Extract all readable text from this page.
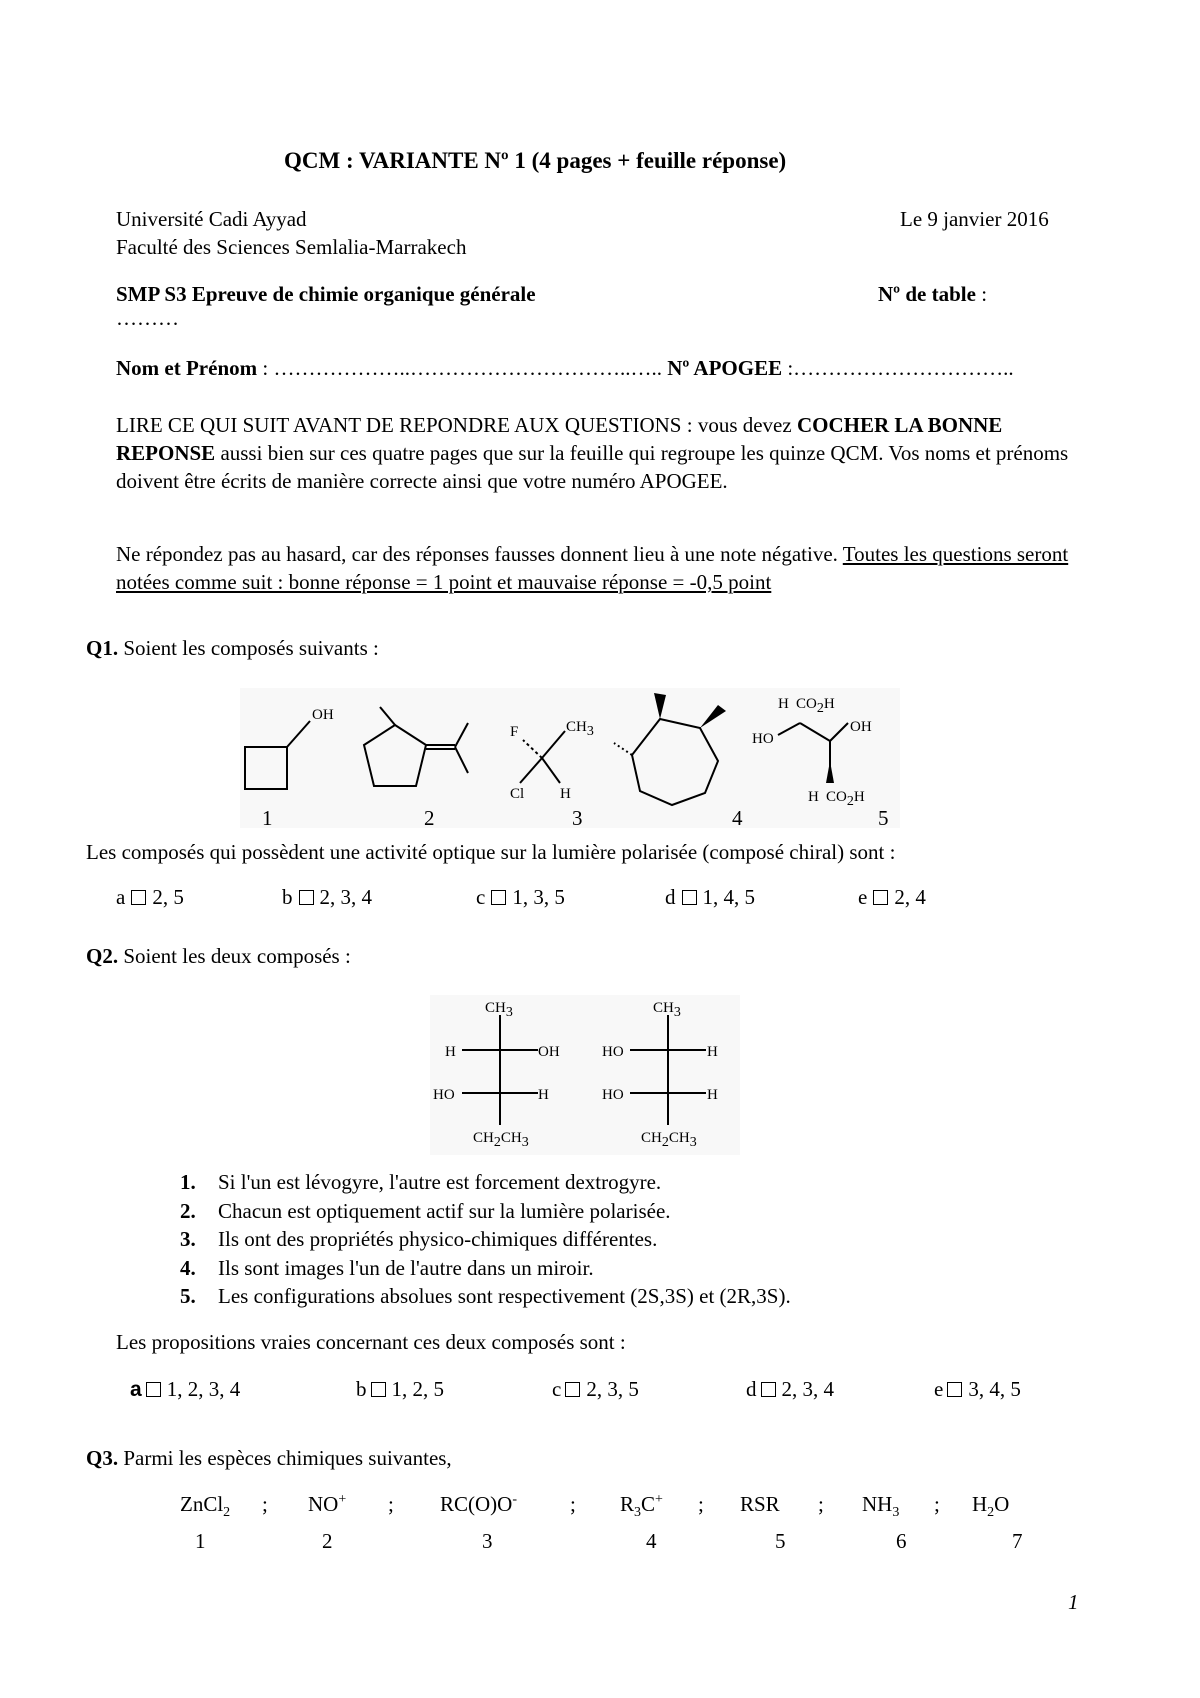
QCM : VARIANTE Nº 1 (4 pages + feuille réponse)
Université Cadi Ayyad	Le 9 janvier 2016
Faculté des Sciences Semlalia-Marrakech
SMP S3 Epreuve de chimie organique générale	Nº de table :
………
Nom et Prénom : ………………..…………………………..….. Nº APOGEE :…………………………..
LIRE CE QUI SUIT AVANT DE REPONDRE AUX QUESTIONS : vous devez COCHER LA BONNE REPONSE aussi bien sur ces quatre pages que sur la feuille qui regroupe les quinze QCM. Vos noms et prénoms doivent être écrits de manière correcte ainsi que votre numéro APOGEE.
Ne répondez pas au hasard, car des réponses fausses donnent lieu à une note négative. Toutes les questions seront notées comme suit : bonne réponse = 1 point et mauvaise réponse = -0,5 point
Q1. Soient les composés suivants :
OH
F	CH3
Cl H
H CO2H
OH
HO
H CO2H
1	2	3	4	5
Les composés qui possèdent une activité optique sur la lumière polarisée (composé chiral) sont :
a 2, 5	b 2, 3, 4	c 1, 3, 5	d 1, 4, 5	e 2, 4
Q2. Soient les deux composés :
CH3
H	OH
HO	H
CH2CH3
CH3
HO	H
HO	H
CH2CH3
1. Si l'un est lévogyre, l'autre est forcement dextrogyre.
2. Chacun est optiquement actif sur la lumière polarisée.
3. Ils ont des propriétés physico-chimiques différentes.
4. Ils sont images l'un de l'autre dans un miroir.
5. Les configurations absolues sont respectivement (2S,3S) et (2R,3S).
Les propositions vraies concernant ces deux composés sont :
a 1, 2, 3, 4	b 1, 2, 5	c 2, 3, 5	d 2, 3, 4	e 3, 4, 5
Q3. Parmi les espèces chimiques suivantes,
ZnCl$_2$ ; NO+ ; RC(O)O-	; $R_3C^+$ ; RSR ; $NH_3$ ; $H_2O$
1	2	3	4	5	6	7
1
